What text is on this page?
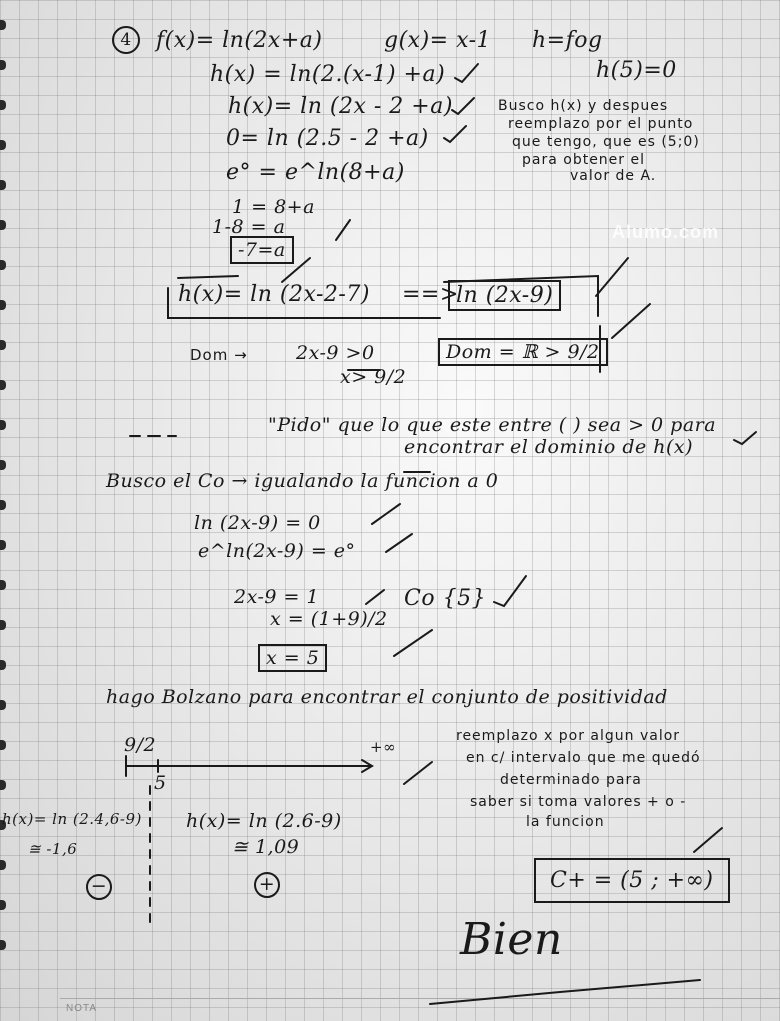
4	f(x)= ln(2x+a)	g(x)= x-1 h=fog
h(5)=0
h(x) = ln(2.(x-1) +a)
h(x)= ln (2x - 2 +a)
0= ln (2.5 - 2 +a)
e° = e^ln(8+a)
1 = 8+a
1-8 = a
-7=a
Busco h(x) y despues
reemplazo por el punto
que tengo, que es (5;0)
para obtener el
valor de A.
Alumo.com
h(x)= ln (2x-2-7) ==>
ln (2x-9)
Dom →	2x-9 >0
x> 9/2
Dom = ℝ > 9/2
"Pido" que lo que este entre ( ) sea > 0 para
encontrar el dominio de h(x)
Busco el Co → igualando la funcion a 0
ln (2x-9) = 0
e^ln(2x-9) = e°
2x-9 = 1
x = (1+9)/2
x = 5
Co {5}
hago Bolzano para encontrar el conjunto de positividad
9/2
5
+∞
reemplazo x por algun valor
en c/ intervalo que me quedó
determinado para
saber si toma valores + o -
la funcion
h(x)= ln (2.4,6-9)
≅ -1,6
h(x)= ln (2.6-9)
≅ 1,09
−	+	C+ = (5 ; +∞)
Bien
NOTA
